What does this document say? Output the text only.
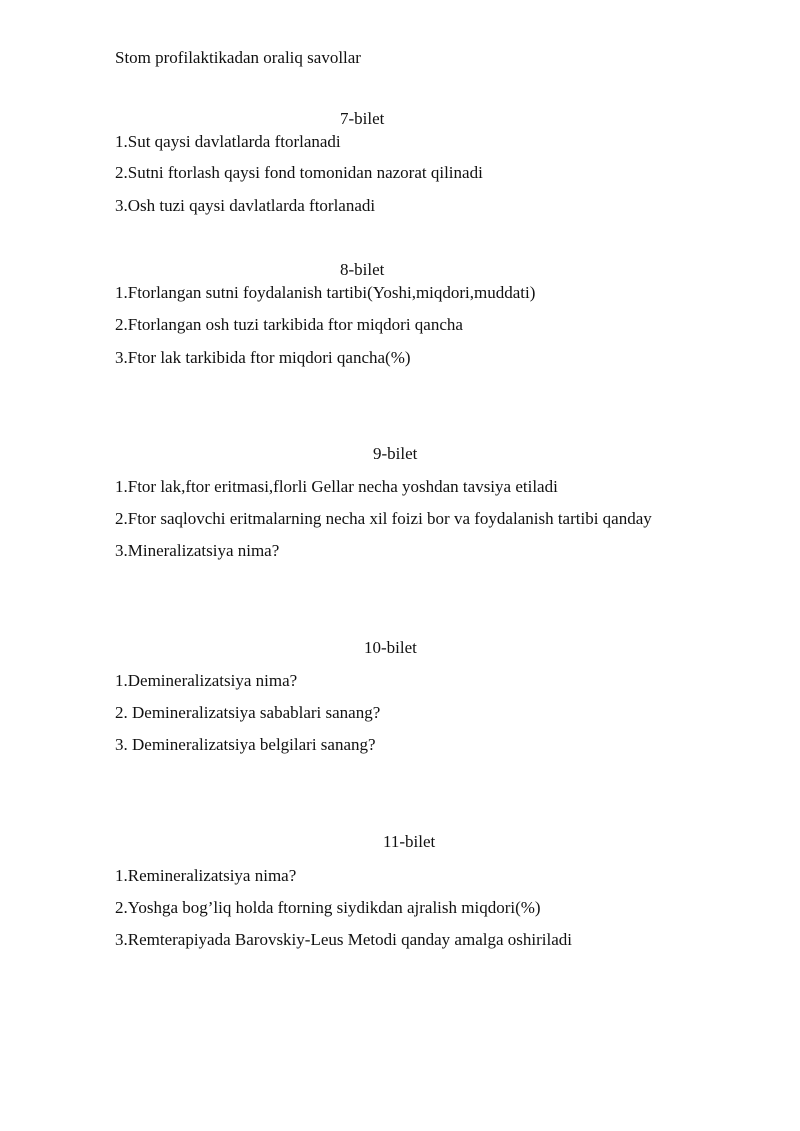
Stom profilaktikadan oraliq savollar
7-bilet
1.Sut qaysi davlatlarda ftorlanadi
2.Sutni ftorlash qaysi fond tomonidan nazorat qilinadi
3.Osh tuzi qaysi davlatlarda ftorlanadi
8-bilet
1.Ftorlangan sutni foydalanish tartibi(Yoshi,miqdori,muddati)
2.Ftorlangan osh tuzi tarkibida ftor miqdori qancha
3.Ftor lak tarkibida ftor miqdori qancha(%)
9-bilet
1.Ftor lak,ftor eritmasi,florli Gellar necha yoshdan tavsiya etiladi
2.Ftor saqlovchi eritmalarning necha xil foizi bor va foydalanish tartibi qanday
3.Mineralizatsiya nima?
10-bilet
1.Demineralizatsiya nima?
2. Demineralizatsiya sabablari sanang?
3. Demineralizatsiya belgilari sanang?
11-bilet
1.Remineralizatsiya nima?
2.Yoshga bog’liq holda ftorning siydikdan ajralish miqdori(%)
3.Remterapiyada Barovskiy-Leus Metodi qanday amalga oshiriladi
